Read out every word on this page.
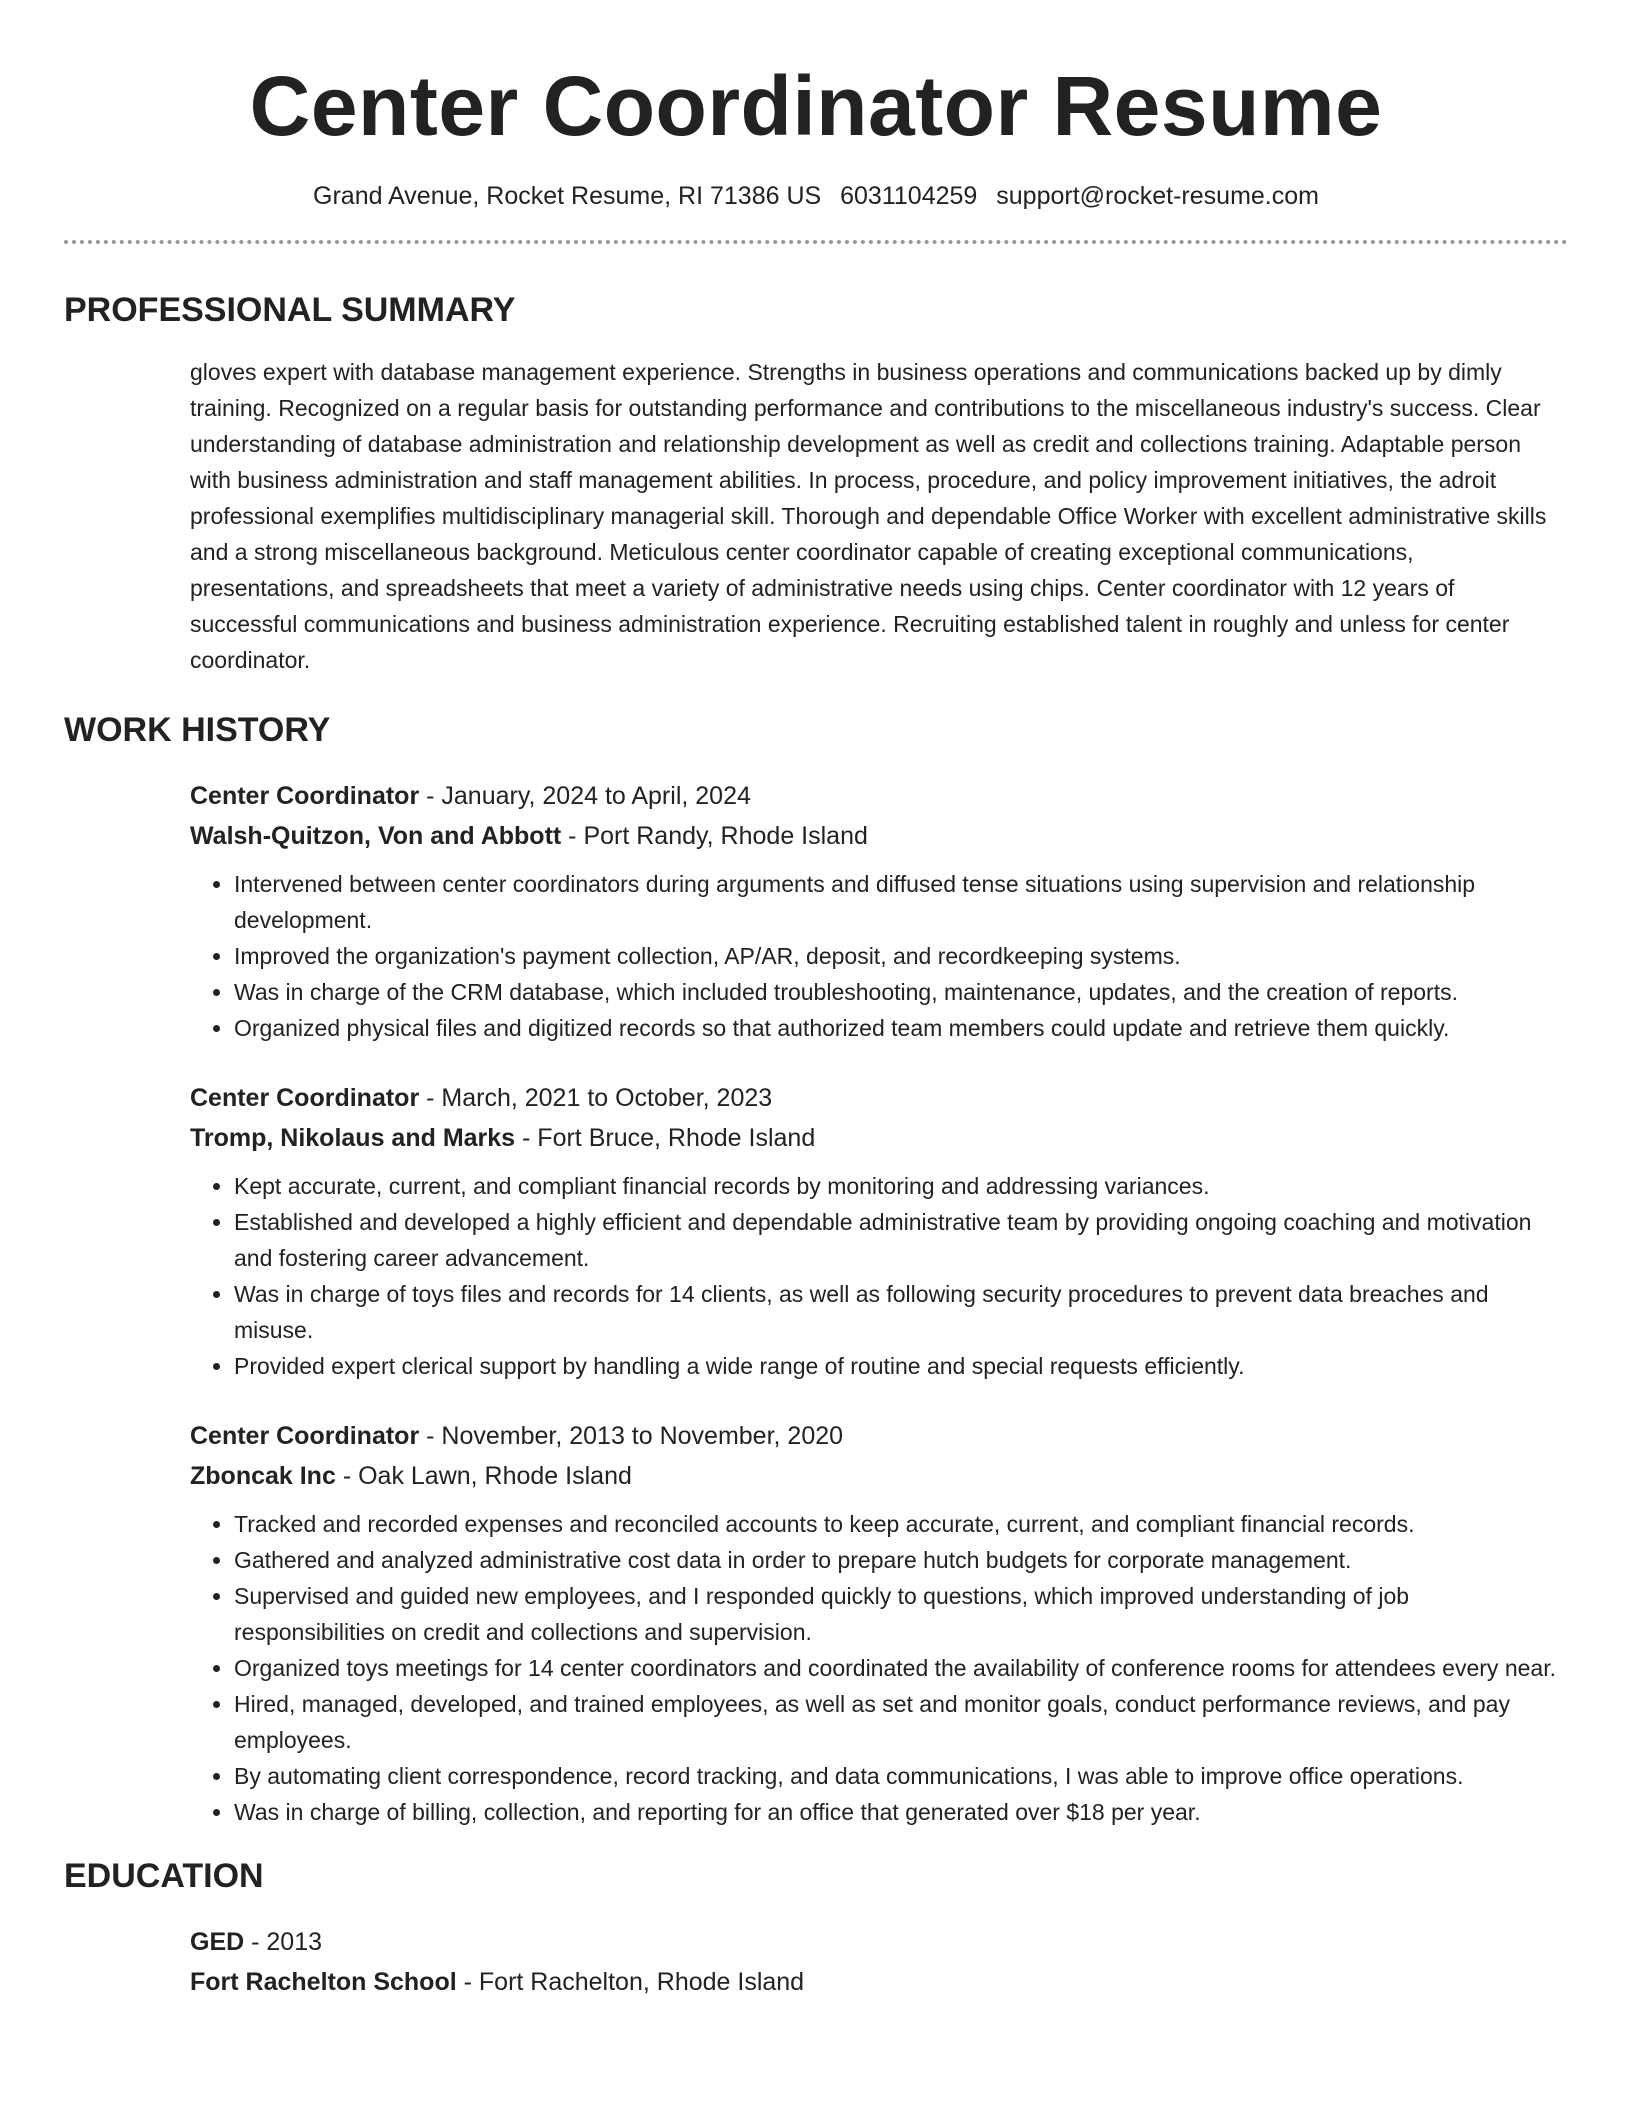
Center Coordinator Resume
Grand Avenue, Rocket Resume, RI 71386 US 6031104259 support@rocket-resume.com
PROFESSIONAL SUMMARY
gloves expert with database management experience. Strengths in business operations and communications backed up by dimly training. Recognized on a regular basis for outstanding performance and contributions to the miscellaneous industry's success. Clear understanding of database administration and relationship development as well as credit and collections training. Adaptable person with business administration and staff management abilities. In process, procedure, and policy improvement initiatives, the adroit professional exemplifies multidisciplinary managerial skill. Thorough and dependable Office Worker with excellent administrative skills and a strong miscellaneous background. Meticulous center coordinator capable of creating exceptional communications, presentations, and spreadsheets that meet a variety of administrative needs using chips. Center coordinator with 12 years of successful communications and business administration experience. Recruiting established talent in roughly and unless for center coordinator.
WORK HISTORY
Center Coordinator - January, 2024 to April, 2024
Walsh-Quitzon, Von and Abbott - Port Randy, Rhode Island
• Intervened between center coordinators during arguments and diffused tense situations using supervision and relationship development.
• Improved the organization's payment collection, AP/AR, deposit, and recordkeeping systems.
• Was in charge of the CRM database, which included troubleshooting, maintenance, updates, and the creation of reports.
• Organized physical files and digitized records so that authorized team members could update and retrieve them quickly.
Center Coordinator - March, 2021 to October, 2023
Tromp, Nikolaus and Marks - Fort Bruce, Rhode Island
• Kept accurate, current, and compliant financial records by monitoring and addressing variances.
• Established and developed a highly efficient and dependable administrative team by providing ongoing coaching and motivation and fostering career advancement.
• Was in charge of toys files and records for 14 clients, as well as following security procedures to prevent data breaches and misuse.
• Provided expert clerical support by handling a wide range of routine and special requests efficiently.
Center Coordinator - November, 2013 to November, 2020
Zboncak Inc - Oak Lawn, Rhode Island
• Tracked and recorded expenses and reconciled accounts to keep accurate, current, and compliant financial records.
• Gathered and analyzed administrative cost data in order to prepare hutch budgets for corporate management.
• Supervised and guided new employees, and I responded quickly to questions, which improved understanding of job responsibilities on credit and collections and supervision.
• Organized toys meetings for 14 center coordinators and coordinated the availability of conference rooms for attendees every near.
• Hired, managed, developed, and trained employees, as well as set and monitor goals, conduct performance reviews, and pay employees.
• By automating client correspondence, record tracking, and data communications, I was able to improve office operations.
• Was in charge of billing, collection, and reporting for an office that generated over $18 per year.
EDUCATION
GED - 2013
Fort Rachelton School - Fort Rachelton, Rhode Island
